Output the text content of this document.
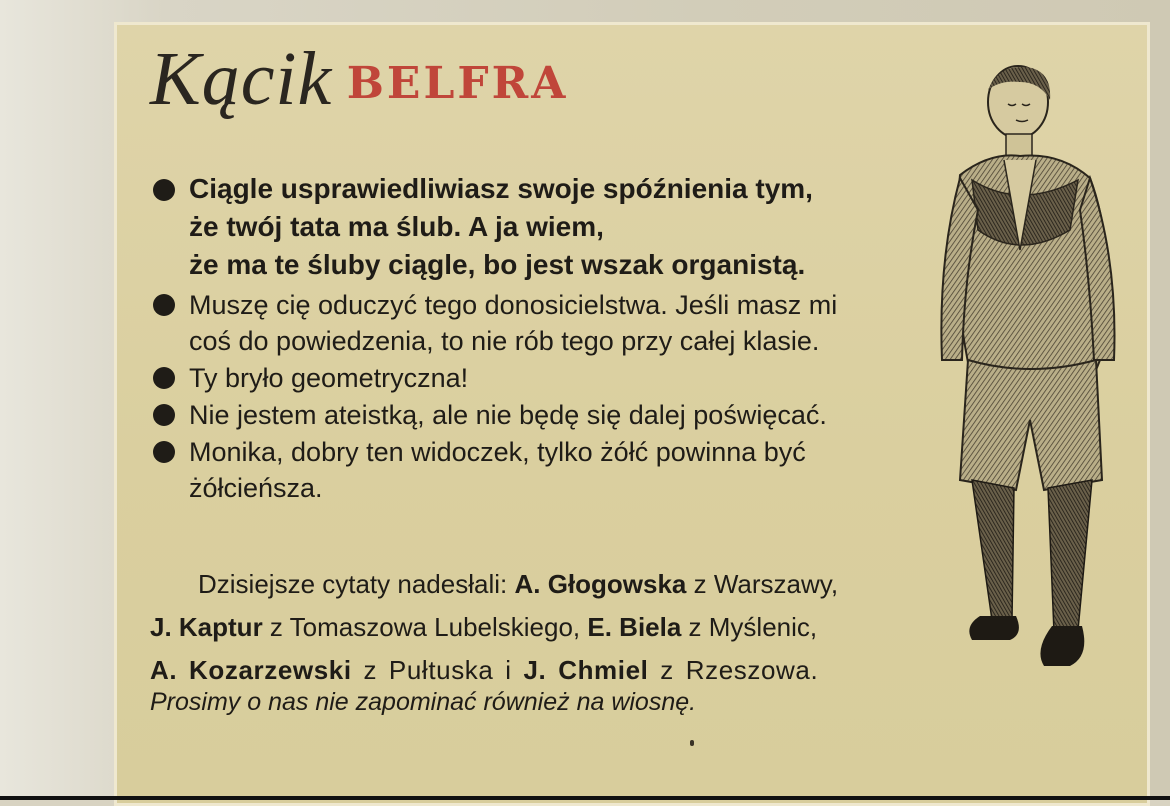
Kącik BELFRA
Ciągle usprawiedliwiasz swoje spóźnienia tym,
że twój tata ma ślub. A ja wiem,
że ma te śluby ciągle, bo jest wszak organistą.
Muszę cię oduczyć tego donosicielstwa. Jeśli masz mi
coś do powiedzenia, to nie rób tego przy całej klasie.
Ty bryło geometryczna!
Nie jestem ateistką, ale nie będę się dalej poświęcać.
Monika, dobry ten widoczek, tylko żółć powinna być
żółcieńsza.

Dzisiejsze cytaty nadesłali: A. Głogowska z Warszawy,

J. Kaptur z Tomaszowa Lubelskiego, E. Biela z Myślenic,

A. Kozarzewski z Pułtuska i J. Chmiel z Rzeszowa.

Prosimy o nas nie zapominać również na wiosnę.
